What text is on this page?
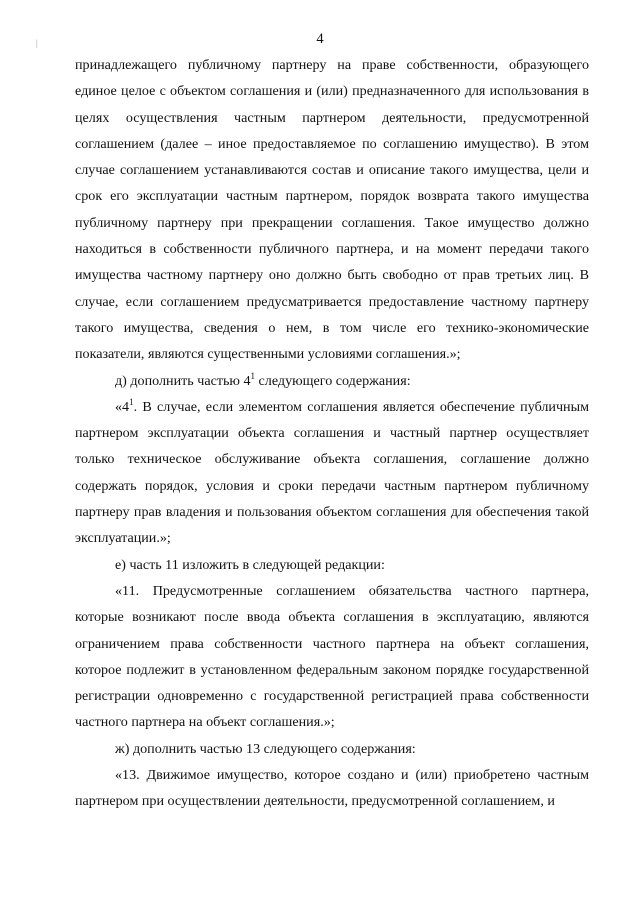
4
|

принадлежащего публичному партнеру на праве собственности, образующего единое целое с объектом соглашения и (или) предназначенного для использования в целях осуществления частным партнером деятельности, предусмотренной соглашением (далее – иное предоставляемое по соглашению имущество). В этом случае соглашением устанавливаются состав и описание такого имущества, цели и срок его эксплуатации частным партнером, порядок возврата такого имущества публичному партнеру при прекращении соглашения. Такое имущество должно находиться в собственности публичного партнера, и на момент передачи такого имущества частному партнеру оно должно быть свободно от прав третьих лиц. В случае, если соглашением предусматривается предоставление частному партнеру такого имущества, сведения о нем, в том числе его технико-экономические показатели, являются существенными условиями соглашения.»;

д) дополнить частью $4^1$ следующего содержания:

«$4^1$. В случае, если элементом соглашения является обеспечение публичным партнером эксплуатации объекта соглашения и частный партнер осуществляет только техническое обслуживание объекта соглашения, соглашение должно содержать порядок, условия и сроки передачи частным партнером публичному партнеру прав владения и пользования объектом соглашения для обеспечения такой эксплуатации.»;

е) часть 11 изложить в следующей редакции:

«11. Предусмотренные соглашением обязательства частного партнера, которые возникают после ввода объекта соглашения в эксплуатацию, являются ограничением права собственности частного партнера на объект соглашения, которое подлежит в установленном федеральным законом порядке государственной регистрации одновременно с государственной регистрацией права собственности частного партнера на объект соглашения.»;

ж) дополнить частью 13 следующего содержания:

«13. Движимое имущество, которое создано и (или) приобретено частным партнером при осуществлении деятельности, предусмотренной соглашением, и
